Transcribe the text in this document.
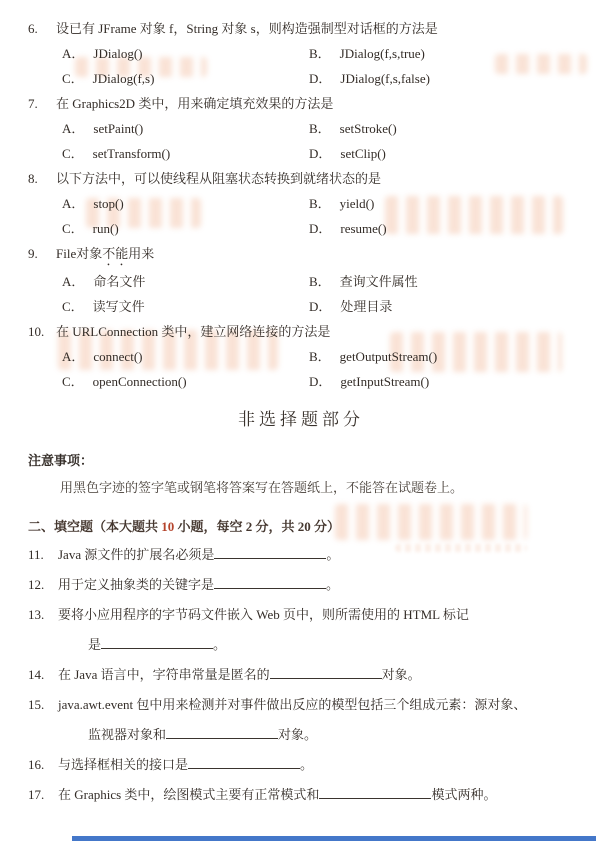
6.	设已有 JFrame 对象 f，String 对象 s，则构造强制型对话框的方法是
A． JDialog()	B． JDialog(f,s,true)
C． JDialog(f,s)	D． JDialog(f,s,false)
7.	在 Graphics2D 类中，用来确定填充效果的方法是
A． setPaint()	B． setStroke()
C． setTransform()	D． setClip()
8.	以下方法中，可以使线程从阻塞状态转换到就绪状态的是
A． stop()	B． yield()
C． run()	D． resume()
9.	File对象不能用来
A． 命名文件	B． 查询文件属性
C． 读写文件	D． 处理目录
10. 在 URLConnection 类中，建立网络连接的方法是
A． connect()	B． getOutputStream()
C． openConnection()	D． getInputStream()
非选择题部分
注意事项：
用黑色字迹的签字笔或钢笔将答案写在答题纸上，不能答在试题卷上。
二、填空题（本大题共 10 小题，每空 2 分，共 20 分）
11.	Java 源文件的扩展名必须是	。
12.	用于定义抽象类的关键字是	。
13.	要将小应用程序的字节码文件嵌入 Web 页中，则所需使用的 HTML 标记
是	。
14.	在 Java 语言中，字符串常量是匿名的	对象。
15.	java.awt.event 包中用来检测并对事件做出反应的模型包括三个组成元素：源对象、
监视器对象和	对象。
16.	与选择框相关的接口是	。
17.	在 Graphics 类中，绘图模式主要有正常模式和	模式两种。
